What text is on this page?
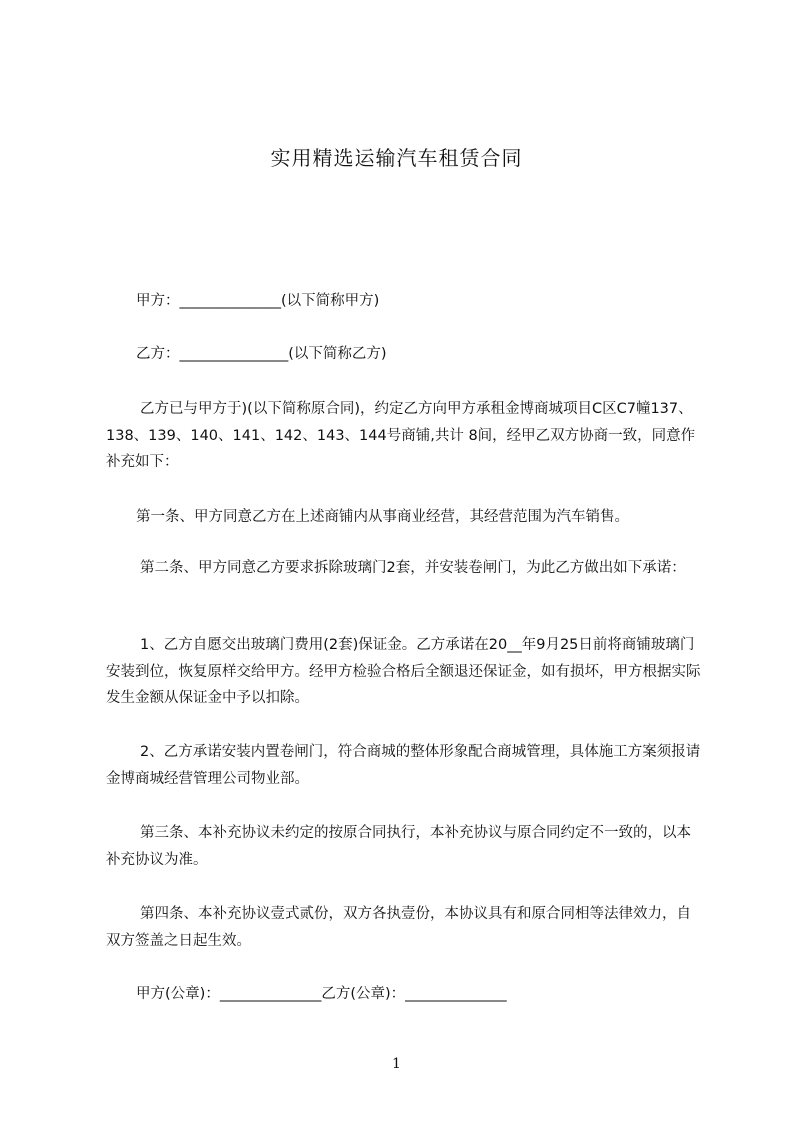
实用精选运输汽车租赁合同
甲方：______________(以下简称甲方)
乙方：_______________(以下简称乙方)
乙方已与甲方于)(以下简称原合同)，约定乙方向甲方承租金博商城项目C区C7幢137、138、139、140、141、142、143、144号商铺,共计 8间，经甲乙双方协商一致，同意作补充如下：
第一条、甲方同意乙方在上述商铺内从事商业经营，其经营范围为汽车销售。
第二条、甲方同意乙方要求拆除玻璃门2套，并安装卷闸门，为此乙方做出如下承诺：
1、乙方自愿交出玻璃门费用(2套)保证金。乙方承诺在20__年9月25日前将商铺玻璃门安装到位，恢复原样交给甲方。经甲方检验合格后全额退还保证金，如有损坏，甲方根据实际发生金额从保证金中予以扣除。
2、乙方承诺安装内置卷闸门，符合商城的整体形象配合商城管理，具体施工方案须报请金博商城经营管理公司物业部。
第三条、本补充协议未约定的按原合同执行，本补充协议与原合同约定不一致的，以本补充协议为准。
第四条、本补充协议壹式贰份，双方各执壹份，本协议具有和原合同相等法律效力，自双方签盖之日起生效。
甲方(公章)：______________乙方(公章)：______________
1
